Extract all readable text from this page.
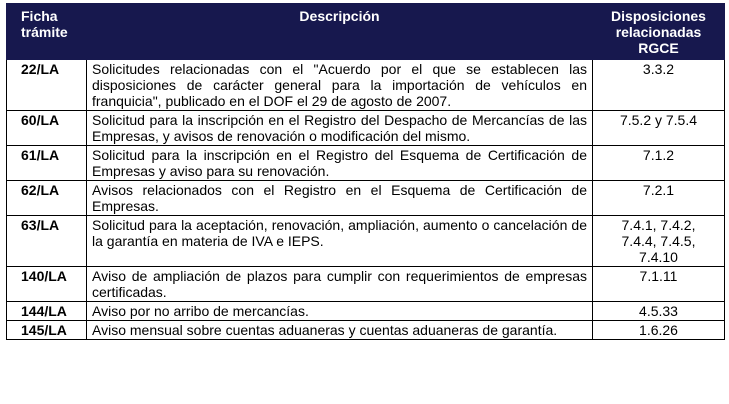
Ficha
trámite	Descripción	Disposiciones
relacionadas
RGCE
22/LA	Solicitudes relacionadas con el "Acuerdo por el que se establecen las disposiciones de carácter general para la importación de vehículos en franquicia", publicado en el DOF el 29 de agosto de 2007.	3.3.2
60/LA	Solicitud para la inscripción en el Registro del Despacho de Mercancías de las Empresas, y avisos de renovación o modificación del mismo.	7.5.2 y 7.5.4
61/LA	Solicitud para la inscripción en el Registro del Esquema de Certificación de Empresas y aviso para su renovación.	7.1.2
62/LA	Avisos relacionados con el Registro en el Esquema de Certificación de Empresas.	7.2.1
63/LA	Solicitud para la aceptación, renovación, ampliación, aumento o cancelación de la garantía en materia de IVA e IEPS.	7.4.1, 7.4.2,
7.4.4, 7.4.5,
7.4.10
140/LA	Aviso de ampliación de plazos para cumplir con requerimientos de empresas certificadas.	7.1.11
144/LA	Aviso por no arribo de mercancías.	4.5.33
145/LA	Aviso mensual sobre cuentas aduaneras y cuentas aduaneras de garantía.	1.6.26
